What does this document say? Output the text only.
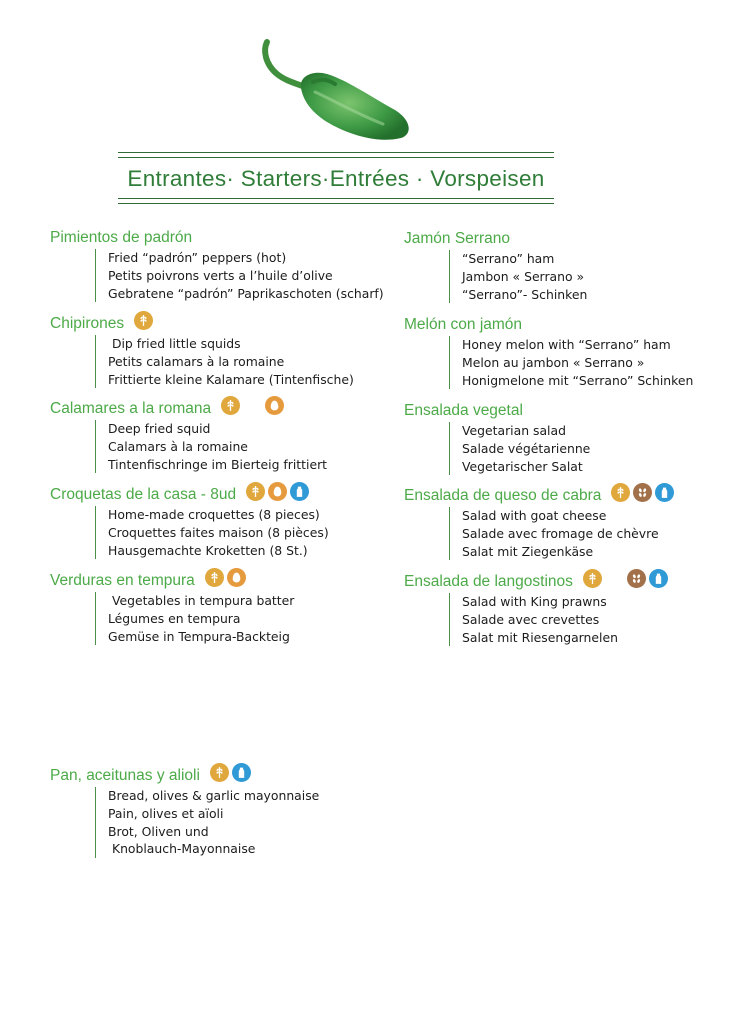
Entrantes· Starters·Entrées · Vorspeisen
Pimientos de padrón
Fried “padrón” peppers (hot)
Petits poivrons verts a l’huile d’olive
Gebratene “padrón” Paprikaschoten (scharf)
Chipirones
Dip fried little squids
Petits calamars à la romaine
Frittierte kleine Kalamare (Tintenfische)
Calamares a la romana
Deep fried squid
Calamars à la romaine
Tintenfischringe im Bierteig frittiert
Croquetas de la casa - 8ud
Home-made croquettes (8 pieces)
Croquettes faites maison (8 pièces)
Hausgemachte Kroketten (8 St.)
Verduras en tempura
Vegetables in tempura batter
Légumes en tempura
Gemüse in Tempura-Backteig
Jamón Serrano
“Serrano” ham
Jambon « Serrano »
“Serrano”- Schinken
Melón con jamón
Honey melon with “Serrano” ham
Melon au jambon « Serrano »
Honigmelone mit “Serrano” Schinken
Ensalada vegetal
Vegetarian salad
Salade végétarienne
Vegetarischer Salat
Ensalada de queso de cabra
Salad with goat cheese
Salade avec fromage de chèvre
Salat mit Ziegenkäse
Ensalada de langostinos
Salad with King prawns
Salade avec crevettes
Salat mit Riesengarnelen
Pan, aceitunas y alioli
Bread, olives & garlic mayonnaise
Pain, olives et aïoli
Brot, Oliven und
Knoblauch-Mayonnaise
